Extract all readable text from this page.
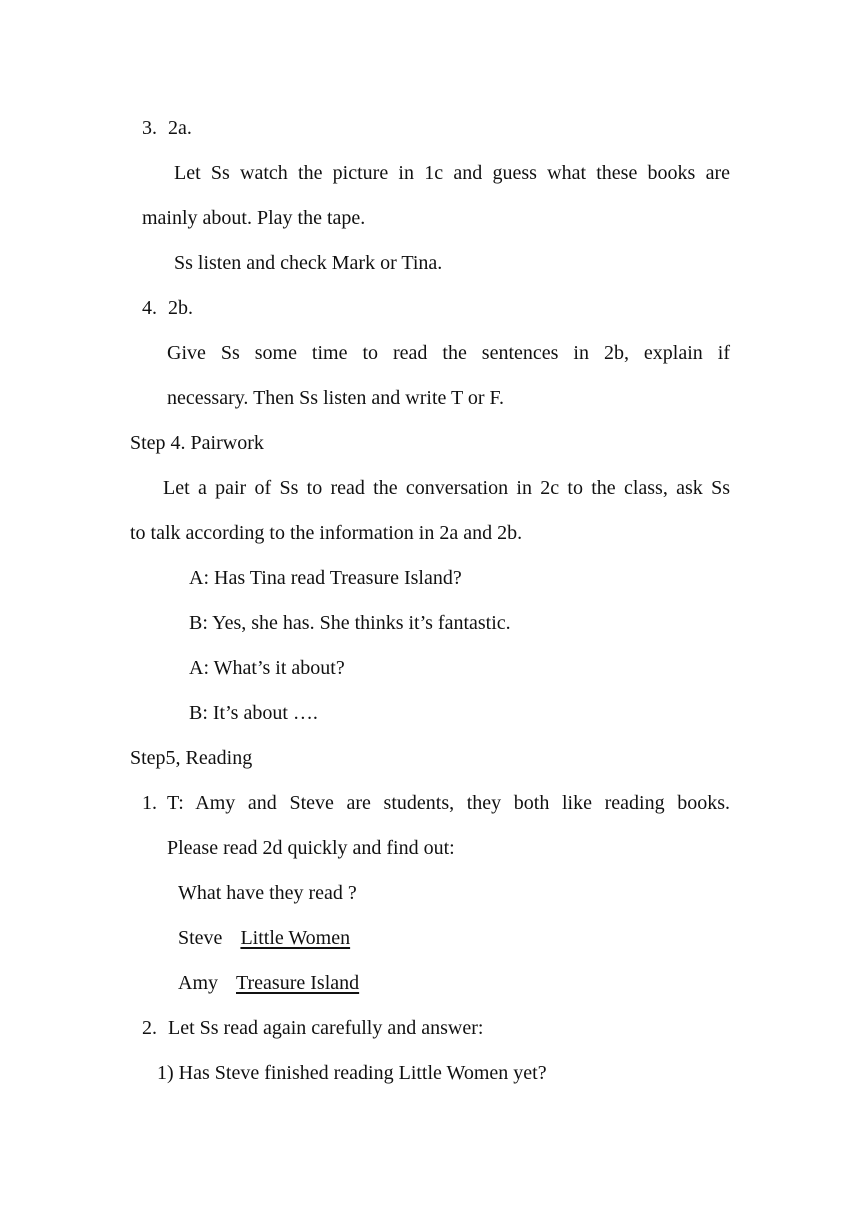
3. 2a.
Let Ss watch the picture in 1c and guess what these books are
mainly about. Play the tape.
Ss listen and check Mark or Tina.
4. 2b.
Give Ss some time to read the sentences in 2b, explain if
necessary. Then Ss listen and write T or F.
Step 4. Pairwork
Let a pair of Ss to read the conversation in 2c to the class, ask Ss
to talk according to the information in 2a and 2b.
A: Has Tina read Treasure Island?
B: Yes, she has. She thinks it’s fantastic.
A: What’s it about?
B: It’s about ….
Step5, Reading
1. T: Amy and Steve are students, they both like reading books.
Please read 2d quickly and find out:
What have they read ?
Steve Little Women
Amy Treasure Island
2. Let Ss read again carefully and answer:
1) Has Steve finished reading Little Women yet?
